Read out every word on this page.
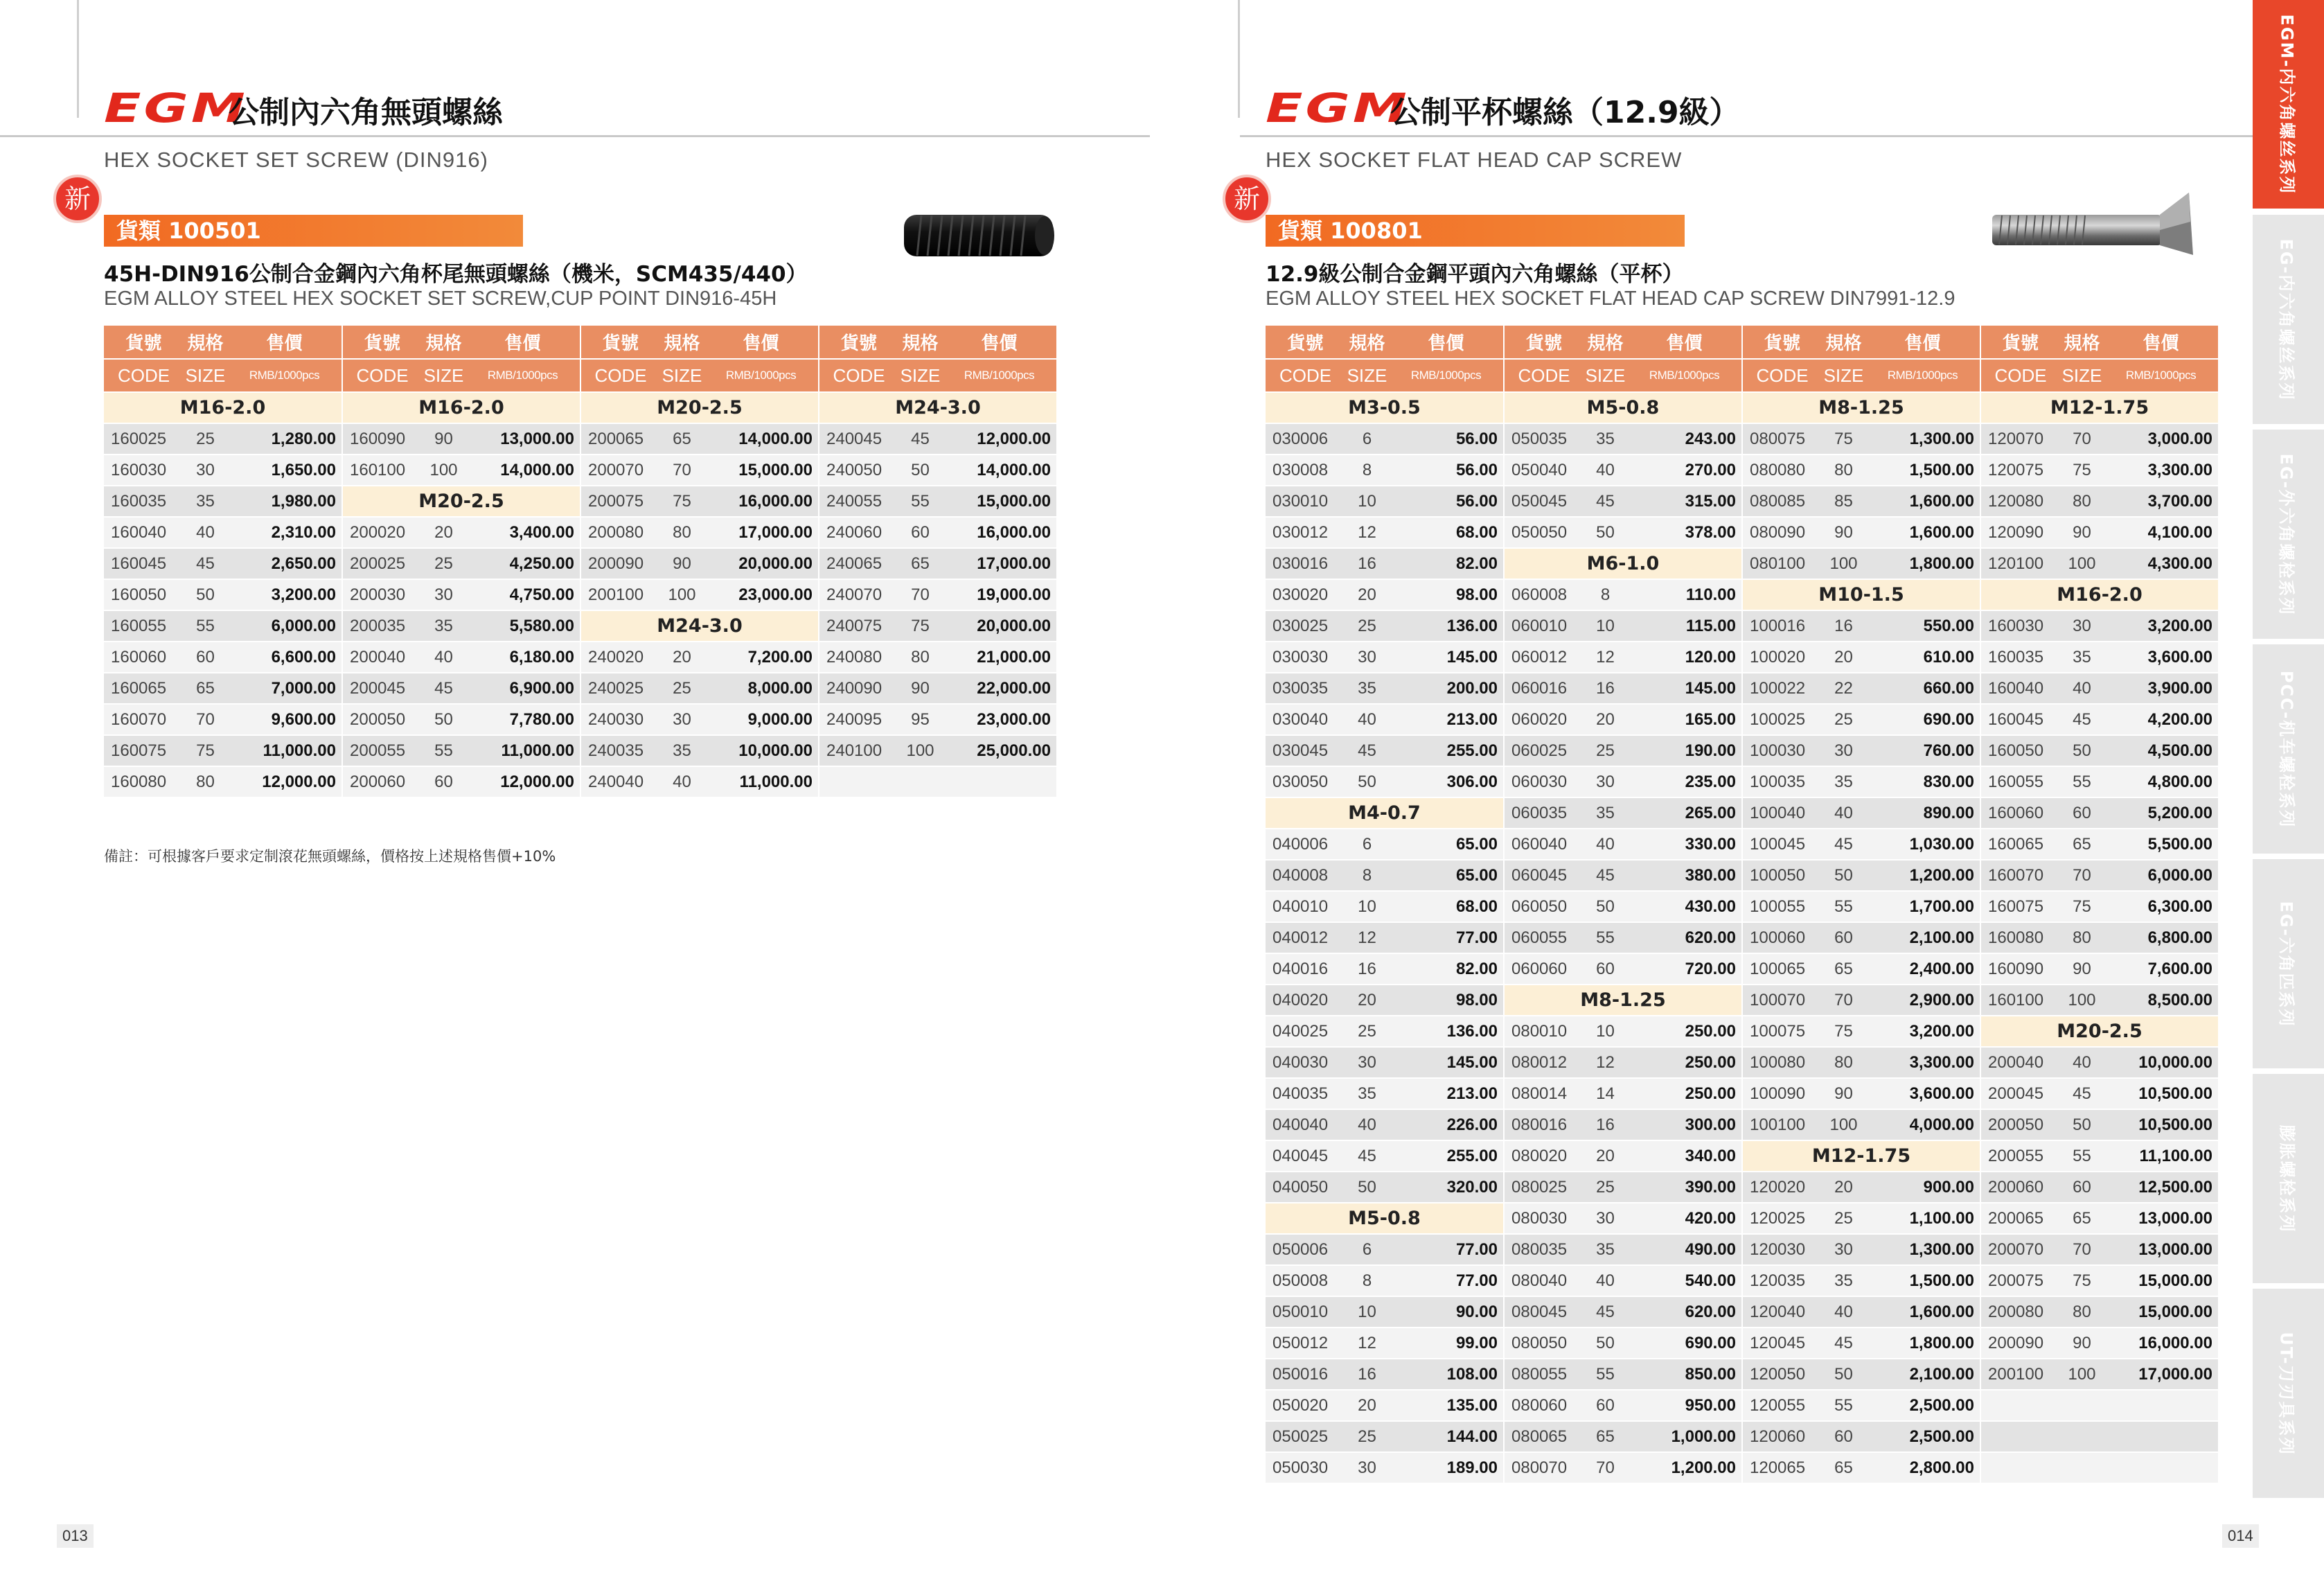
EGM
公制內六角無頭螺絲
HEX SOCKET SET SCREW (DIN916)
貨類 100501
新
45H-DIN916公制合金鋼內六角杯尾無頭螺絲（機米，SCM435/440）
EGM ALLOY STEEL HEX SOCKET SET SCREW,CUP POINT DIN916-45H
貨號	規格	售價	貨號	規格	售價	貨號	規格	售價	貨號	規格	售價
CODE	SIZE	RMB/1000pcs	CODE	SIZE	RMB/1000pcs	CODE	SIZE	RMB/1000pcs	CODE	SIZE	RMB/1000pcs
M16-2.0			M16-2.0			M20-2.5			M24-3.0		
160025	25	1,280.00	160090	90	13,000.00	200065	65	14,000.00	240045	45	12,000.00
160030	30	1,650.00	160100	100	14,000.00	200070	70	15,000.00	240050	50	14,000.00
160035	35	1,980.00	M20-2.5			200075	75	16,000.00	240055	55	15,000.00
160040	40	2,310.00	200020	20	3,400.00	200080	80	17,000.00	240060	60	16,000.00
160045	45	2,650.00	200025	25	4,250.00	200090	90	20,000.00	240065	65	17,000.00
160050	50	3,200.00	200030	30	4,750.00	200100	100	23,000.00	240070	70	19,000.00
160055	55	6,000.00	200035	35	5,580.00	M24-3.0			240075	75	20,000.00
160060	60	6,600.00	200040	40	6,180.00	240020	20	7,200.00	240080	80	21,000.00
160065	65	7,000.00	200045	45	6,900.00	240025	25	8,000.00	240090	90	22,000.00
160070	70	9,600.00	200050	50	7,780.00	240030	30	9,000.00	240095	95	23,000.00
160075	75	11,000.00	200055	55	11,000.00	240035	35	10,000.00	240100	100	25,000.00
160080	80	12,000.00	200060	60	12,000.00	240040	40	11,000.00			
備註：可根據客戶要求定制滾花無頭螺絲，價格按上述規格售價+10%
013
EGM
公制平杯螺絲（12.9級）
HEX SOCKET FLAT HEAD CAP SCREW
貨類 100801
新
12.9級公制合金鋼平頭內六角螺絲（平杯）
EGM ALLOY STEEL HEX SOCKET FLAT HEAD CAP SCREW DIN7991-12.9
貨號	規格	售價	貨號	規格	售價	貨號	規格	售價	貨號	規格	售價
CODE	SIZE	RMB/1000pcs	CODE	SIZE	RMB/1000pcs	CODE	SIZE	RMB/1000pcs	CODE	SIZE	RMB/1000pcs
M3-0.5			M5-0.8			M8-1.25			M12-1.75		
030006	6	56.00	050035	35	243.00	080075	75	1,300.00	120070	70	3,000.00
030008	8	56.00	050040	40	270.00	080080	80	1,500.00	120075	75	3,300.00
030010	10	56.00	050045	45	315.00	080085	85	1,600.00	120080	80	3,700.00
030012	12	68.00	050050	50	378.00	080090	90	1,600.00	120090	90	4,100.00
030016	16	82.00	M6-1.0			080100	100	1,800.00	120100	100	4,300.00
030020	20	98.00	060008	8	110.00	M10-1.5			M16-2.0		
030025	25	136.00	060010	10	115.00	100016	16	550.00	160030	30	3,200.00
030030	30	145.00	060012	12	120.00	100020	20	610.00	160035	35	3,600.00
030035	35	200.00	060016	16	145.00	100022	22	660.00	160040	40	3,900.00
030040	40	213.00	060020	20	165.00	100025	25	690.00	160045	45	4,200.00
030045	45	255.00	060025	25	190.00	100030	30	760.00	160050	50	4,500.00
030050	50	306.00	060030	30	235.00	100035	35	830.00	160055	55	4,800.00
M4-0.7			060035	35	265.00	100040	40	890.00	160060	60	5,200.00
040006	6	65.00	060040	40	330.00	100045	45	1,030.00	160065	65	5,500.00
040008	8	65.00	060045	45	380.00	100050	50	1,200.00	160070	70	6,000.00
040010	10	68.00	060050	50	430.00	100055	55	1,700.00	160075	75	6,300.00
040012	12	77.00	060055	55	620.00	100060	60	2,100.00	160080	80	6,800.00
040016	16	82.00	060060	60	720.00	100065	65	2,400.00	160090	90	7,600.00
040020	20	98.00	M8-1.25			100070	70	2,900.00	160100	100	8,500.00
040025	25	136.00	080010	10	250.00	100075	75	3,200.00	M20-2.5		
040030	30	145.00	080012	12	250.00	100080	80	3,300.00	200040	40	10,000.00
040035	35	213.00	080014	14	250.00	100090	90	3,600.00	200045	45	10,500.00
040040	40	226.00	080016	16	300.00	100100	100	4,000.00	200050	50	10,500.00
040045	45	255.00	080020	20	340.00	M12-1.75			200055	55	11,100.00
040050	50	320.00	080025	25	390.00	120020	20	900.00	200060	60	12,500.00
M5-0.8			080030	30	420.00	120025	25	1,100.00	200065	65	13,000.00
050006	6	77.00	080035	35	490.00	120030	30	1,300.00	200070	70	13,000.00
050008	8	77.00	080040	40	540.00	120035	35	1,500.00	200075	75	15,000.00
050010	10	90.00	080045	45	620.00	120040	40	1,600.00	200080	80	15,000.00
050012	12	99.00	080050	50	690.00	120045	45	1,800.00	200090	90	16,000.00
050016	16	108.00	080055	55	850.00	120050	50	2,100.00	200100	100	17,000.00
050020	20	135.00	080060	60	950.00	120055	55	2,500.00			
050025	25	144.00	080065	65	1,000.00	120060	60	2,500.00			
050030	30	189.00	080070	70	1,200.00	120065	65	2,800.00			
014
EGM-内六角螺丝系列
EG-内六角螺丝系列
EG-外六角螺栓系列
PCC-机车螺栓系列
EG-六角匹系列
膨胀螺栓系列
UT-刀刃具系列
